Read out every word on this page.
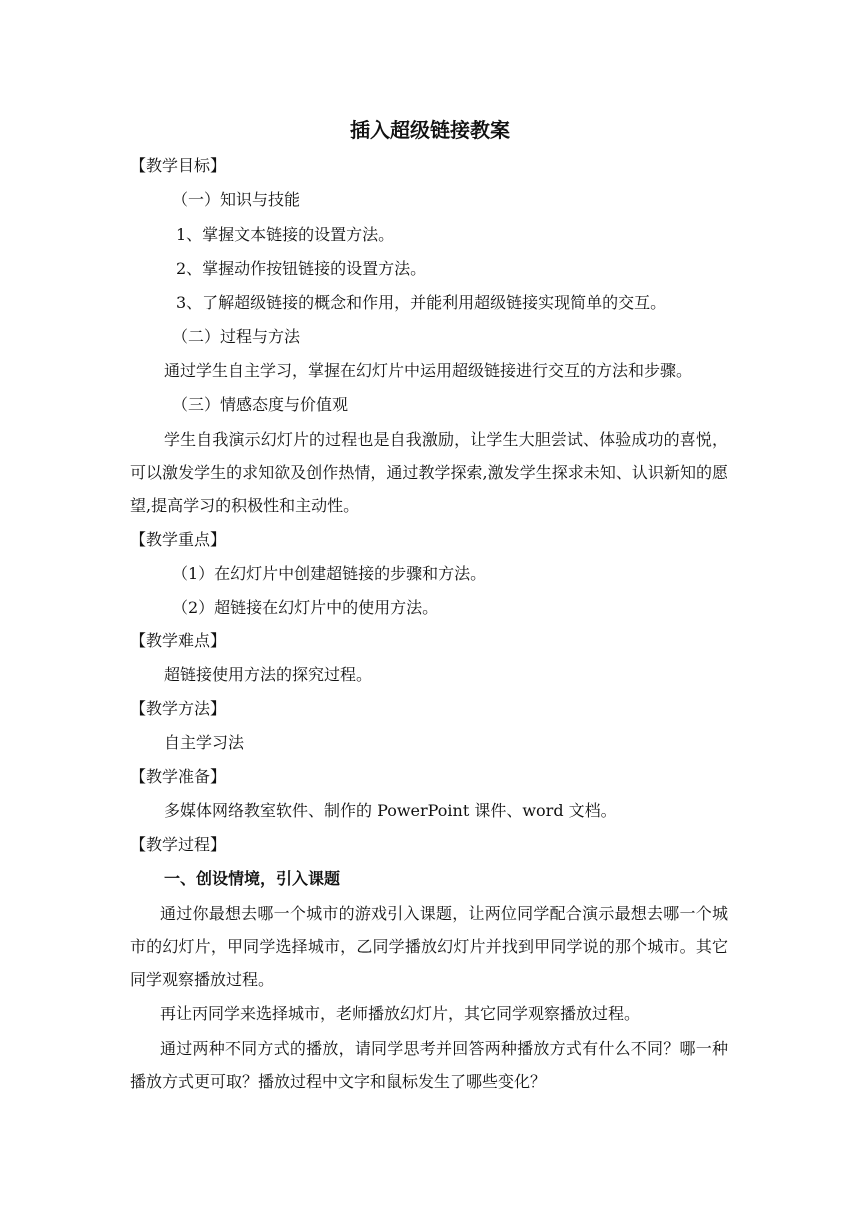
插入超级链接教案
【教学目标】
（一）知识与技能
1、掌握文本链接的设置方法。
2、掌握动作按钮链接的设置方法。
3、了解超级链接的概念和作用，并能利用超级链接实现简单的交互。
（二）过程与方法
通过学生自主学习，掌握在幻灯片中运用超级链接进行交互的方法和步骤。
（三）情感态度与价值观
学生自我演示幻灯片的过程也是自我激励，让学生大胆尝试、体验成功的喜悦，可以激发学生的求知欲及创作热情，通过教学探索,激发学生探求未知、认识新知的愿望,提高学习的积极性和主动性。
【教学重点】
（1）在幻灯片中创建超链接的步骤和方法。
（2）超链接在幻灯片中的使用方法。
【教学难点】
超链接使用方法的探究过程。
【教学方法】
自主学习法
【教学准备】
多媒体网络教室软件、制作的 PowerPoint 课件、word 文档。
【教学过程】
一、创设情境，引入课题
通过你最想去哪一个城市的游戏引入课题，让两位同学配合演示最想去哪一个城市的幻灯片，甲同学选择城市，乙同学播放幻灯片并找到甲同学说的那个城市。其它同学观察播放过程。
再让丙同学来选择城市，老师播放幻灯片，其它同学观察播放过程。
通过两种不同方式的播放，请同学思考并回答两种播放方式有什么不同？哪一种播放方式更可取？播放过程中文字和鼠标发生了哪些变化？
